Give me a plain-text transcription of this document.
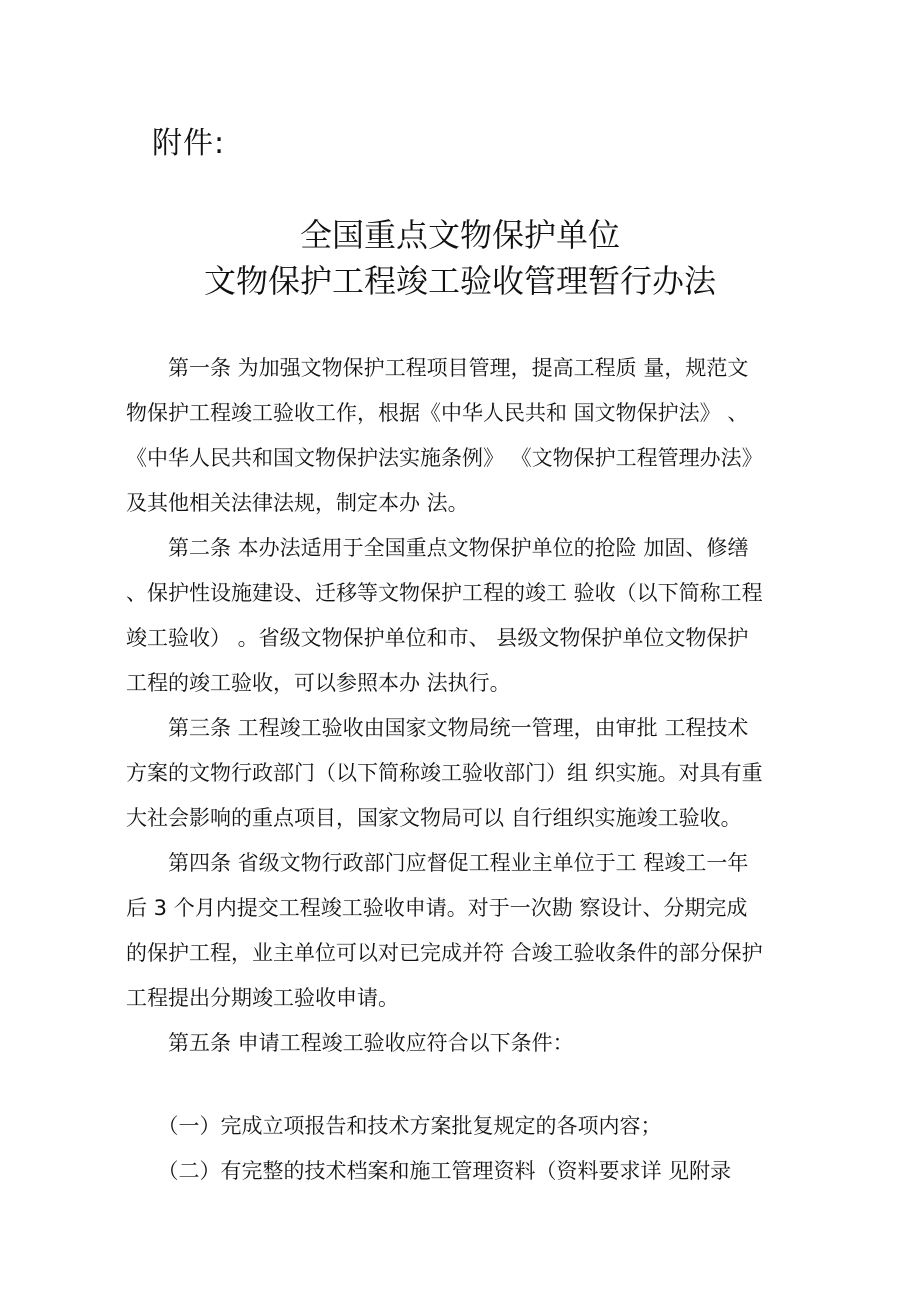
附件:
全国重点文物保护单位
文物保护工程竣工验收管理暂行办法
　　第一条 为加强文物保护工程项目管理，提高工程质 量，规范文
物保护工程竣工验收工作，根据《中华人民共和 国文物保护法》 、
《中华人民共和国文物保护法实施条例》 《文物保护工程管理办法》
及其他相关法律法规，制定本办 法。
　　第二条 本办法适用于全国重点文物保护单位的抢险 加固、修缮
、保护性设施建设、迁移等文物保护工程的竣工 验收（以下简称工程
竣工验收） 。省级文物保护单位和市、 县级文物保护单位文物保护
工程的竣工验收，可以参照本办 法执行。
　　第三条 工程竣工验收由国家文物局统一管理，由审批 工程技术
方案的文物行政部门（以下简称竣工验收部门）组 织实施。对具有重
大社会影响的重点项目，国家文物局可以 自行组织实施竣工验收。
　　第四条 省级文物行政部门应督促工程业主单位于工 程竣工一年
后 3 个月内提交工程竣工验收申请。对于一次勘 察设计、分期完成
的保护工程，业主单位可以对已完成并符 合竣工验收条件的部分保护
工程提出分期竣工验收申请。
　　第五条 申请工程竣工验收应符合以下条件：
　　（一）完成立项报告和技术方案批复规定的各项内容；
　　（二）有完整的技术档案和施工管理资料（资料要求详 见附录
